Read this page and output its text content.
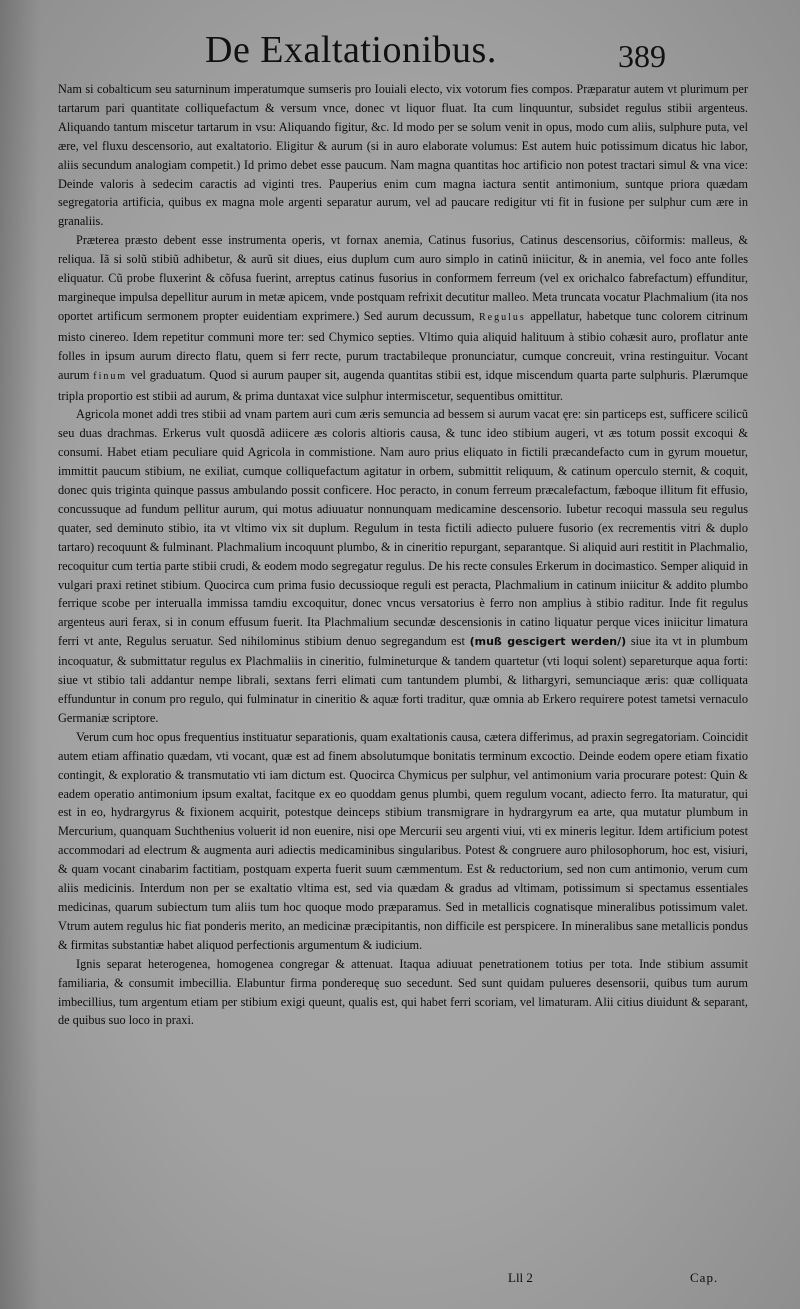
De Exaltationibus.	389

Nam si cobalticum seu saturninum imperatumque sumseris pro Iouiali electo, vix votorum fies compos. Præparatur autem vt plurimum per tartarum pari quantitate colliquefactum & versum vnce, donec vt liquor fluat. Ita cum linquuntur, subsidet regulus stibii argenteus. Aliquando tantum miscetur tartarum in vsu: Aliquando figitur, &c. Id modo per se solum venit in opus, modo cum aliis, sulphure puta, vel ære, vel fluxu descensorio, aut exaltatorio. Eligitur & aurum (si in auro elaborate volumus: Est autem huic potissimum dicatus hic labor, aliis secundum analogiam competit.) Id primo debet esse paucum. Nam magna quantitas hoc artificio non potest tractari simul & vna vice: Deinde valoris à sedecim caractis ad viginti tres. Pauperius enim cum magna iactura sentit antimonium, suntque priora quædam segregatoria artificia, quibus ex magna mole argenti separatur aurum, vel ad paucare redigitur vti fit in fusione per sulphur cum ære in granaliis.

Præterea præsto debent esse instrumenta operis, vt fornax anemia, Catinus fusorius, Catinus descensorius, cõiformis: malleus, & reliqua. Iã si solũ stibiũ adhibetur, & aurũ sit diues, eius duplum cum auro simplo in catinũ iniicitur, & in anemia, vel foco ante folles eliquatur. Cũ probe fluxerint & cõfusa fuerint, arreptus catinus fusorius in conformem ferreum (vel ex orichalco fabrefactum) effunditur, margineque impulsa depellitur aurum in metæ apicem, vnde postquam refrixit decutitur malleo. Meta truncata vocatur Plachmalium (ita nos oportet artificum sermonem propter euidentiam exprimere.) Sed aurum decussum, Regulus appellatur, habetque tunc colorem citrinum misto cinereo. Idem repetitur communi more ter: sed Chymico septies. Vltimo quia aliquid halituum à stibio cohæsit auro, proflatur ante folles in ipsum aurum directo flatu, quem si ferr recte, purum tractabileque pronunciatur, cumque concreuit, vrina restinguitur. Vocant aurum finum vel graduatum. Quod si aurum pauper sit, augenda quantitas stibii est, idque miscendum quarta parte sulphuris. Plærumque tripla proportio est stibii ad aurum, & prima duntaxat vice sulphur intermiscetur, sequentibus omittitur.

Agricola monet addi tres stibii ad vnam partem auri cum æris semuncia ad bessem si aurum vacat ęre: sin particeps est, sufficere scilicũ seu duas drachmas. Erkerus vult quosdã adiicere æs coloris altioris causa, & tunc ideo stibium augeri, vt æs totum possit excoqui & consumi. Habet etiam peculiare quid Agricola in commistione. Nam auro prius eliquato in fictili præcandefacto cum in gyrum mouetur, immittit paucum stibium, ne exiliat, cumque colliquefactum agitatur in orbem, submittit reliquum, & catinum operculo sternit, & coquit, donec quis triginta quinque passus ambulando possit conficere. Hoc peracto, in conum ferreum præcalefactum, fæboque illitum fit effusio, concussuque ad fundum pellitur aurum, qui motus adiuuatur nonnunquam medicamine descensorio. Iubetur recoqui massula seu regulus quater, sed deminuto stibio, ita vt vltimo vix sit duplum. Regulum in testa fictili adiecto puluere fusorio (ex recrementis vitri & duplo tartaro) recoquunt & fulminant. Plachmalium incoquunt plumbo, & in cineritio repurgant, separantque. Si aliquid auri restitit in Plachmalio, recoquitur cum tertia parte stibii crudi, & eodem modo segregatur regulus. De his recte consules Erkerum in docimastico. Semper aliquid in vulgari praxi retinet stibium. Quocirca cum prima fusio decussioque reguli est peracta, Plachmalium in catinum iniicitur & addito plumbo ferrique scobe per interualla immissa tamdiu excoquitur, donec vncus versatorius è ferro non amplius à stibio raditur. Inde fit regulus argenteus auri ferax, si in conum effusum fuerit. Ita Plachmalium secundæ descensionis in catino liquatur perque vices iniicitur limatura ferri vt ante, Regulus seruatur. Sed nihilominus stibium denuo segregandum est (muß gescigert werden/) siue ita vt in plumbum incoquatur, & submittatur regulus ex Plachmaliis in cineritio, fulmineturque & tandem quartetur (vti loqui solent) separeturque aqua forti: siue vt stibio tali addantur nempe librali, sextans ferri elimati cum tantundem plumbi, & lithargyri, semunciaque æris: quæ colliquata effunduntur in conum pro regulo, qui fulminatur in cineritio & aquæ forti traditur, quæ omnia ab Erkero requirere potest tametsi vernaculo Germaniæ scriptore.

Verum cum hoc opus frequentius instituatur separationis, quam exaltationis causa, cætera differimus, ad praxin segregatoriam. Coincidit autem etiam affinatio quædam, vti vocant, quæ est ad finem absolutumque bonitatis terminum excoctio. Deinde eodem opere etiam fixatio contingit, & exploratio & transmutatio vti iam dictum est. Quocirca Chymicus per sulphur, vel antimonium varia procurare potest: Quin & eadem operatio antimonium ipsum exaltat, facitque ex eo quoddam genus plumbi, quem regulum vocant, adiecto ferro. Ita maturatur, qui est in eo, hydrargyrus & fixionem acquirit, potestque deinceps stibium transmigrare in hydrargyrum ea arte, qua mutatur plumbum in Mercurium, quanquam Suchthenius voluerit id non euenire, nisi ope Mercurii seu argenti viui, vti ex mineris legitur. Idem artificium potest accommodari ad electrum & augmenta auri adiectis medicaminibus singularibus. Potest & congruere auro philosophorum, hoc est, visiuri, & quam vocant cinabarim factitiam, postquam experta fuerit suum cæmmentum. Est & reductorium, sed non cum antimonio, verum cum aliis medicinis. Interdum non per se exaltatio vltima est, sed via quædam & gradus ad vltimam, potissimum si spectamus essentiales medicinas, quarum subiectum tum aliis tum hoc quoque modo præparamus. Sed in metallicis cognatisque mineralibus potissimum valet. Vtrum autem regulus hic fiat ponderis merito, an medicinæ præcipitantis, non difficile est perspicere. In mineralibus sane metallicis pondus & firmitas substantiæ habet aliquod perfectionis argumentum & iudicium.

Ignis separat heterogenea, homogenea congregar & attenuat. Itaqua adiuuat penetrationem totius per tota. Inde stibium assumit familiaria, & consumit imbecillia. Elabuntur firma ponderequę suo secedunt. Sed sunt quidam pulueres desensorii, quibus tum aurum imbecillius, tum argentum etiam per stibium exigi queunt, qualis est, qui habet ferri scoriam, vel limaturam. Alii citius diuidunt & separant, de quibus suo loco in praxi.

Lll 2	Cap.
